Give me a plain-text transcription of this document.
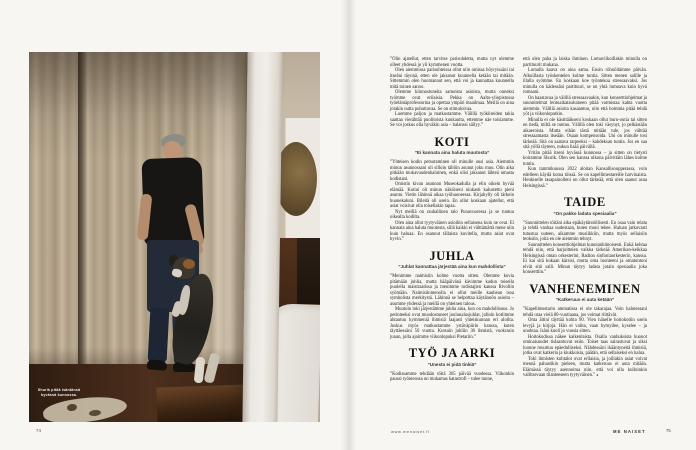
Shurik pitää isäntänsä hyvässä kunnossa.
74

”Olin ajatellut, etten tarvitse parisuhdetta, mutta nyt olemme olleet yhdessä jo yli kymmenen vuotta.

Olen aiemmissa parisuhteissa ollut niin omissa höyryissäni tai itseäni täynnä, etten ole jaksanut kuunnella ketään tai mitään. Sittemmin olen huomannut sen, että voi ja kannattaa kuunnella mitä toinen sanoo.

Olemme kiinnostuneita samoista asioista, mutta onneksi työmme ovat erilaisia. Pekka on Aalto-yliopistossa työelämäprofessorina ja opettaa ympäri maailmaa. Meillä on aina jotakin uutta puhuttavaa. Se on stimuloivaa.

Luemme paljon ja matkustamme. Välillä työkiireiden takia saattaa vierähtää puolitoista kuukautta, ettemme näe toisiamme. Se voi joskus olla hyväkin asia – balanssi säilyy.”

KOTI
”Ei kannata aina haluta muutosta”

”Yhteisen kodin perustaminen oli minulle uusi asia. Aiemmin minun asunnossani oli silloin tällöin asunut joku muu. Olin aika pitkään mukavuudenhaluinen, enkä olisi jaksanut lähteä omasta kodistani.

Omistin kivan asunnon Museokadulla ja elin oikein hyvää elämää. Kotini oli minun näköiseni niukasti kalustettu pieni asunto. Vietin lähinnä aikaa työhuoneessa. Kirjahylly oli tärkein huonekaluni. Bileitä oli usein. En ollut koskaan ajatellut, että asiat voisivat olla toisellakin tapaa.

Nyt meillä on rauhallinen talo Punavuoressa ja se tuntuu oikealta kodilta.

Olen aina ollut tyytyväinen asioihin sellaisena kuin ne ovat. Ei kannata aina haluta muutosta, sillä kaikki ei välttämättä mene niin kuin haluaa. En osannut tällaista kuvitella, mutta asiat ovat hyvin.”

JUHLA
”Juhlat kannattaa järjestää aina kun mahdollista”

”Menimme naimisiin kolme vuotta sitten. Olemme kovia pitämään juhlia, mutta hääpäivänä kävimme kadun toisella puolella maistraatissa ja menimme todistajien kanssa Rivoliin syömään. Naimisiinmenolla ei ollut meille kauhean isoa symbolista merkitystä. Lähinnä se helpottaa käytännön asioita – asumme yhdessä ja meillä on yhteinen talous.

Muutoin toki järjestämme juhlia aina, kun on mahdollisuus. Jo perinteeksi ovat muodostuneet joulunalusjuhlat, jolloin kotiimme ahtautuu kymmeniä ihmisiä laajasti yhteiskunnan eri aloilta. Joskus myös matkustamme ystäväpiirin kanssa, kuten täyttäessäni 50 vuotta. Kutsuin juhliin 30 ihmistä, vuokrasin junan, jolla ajoimme viikonlopuksi Pietariin.”

TYÖ JA ARKI
”Unesta ei pidä tinkiä”

”Kodissamme tehdään töitä 365 päivää vuodessa. Viikonkin paussi työnteossa on mukamas katastrofi – tulee tunne,

että olen paha ja laiska ihminen. Lomaviikoillakin minulla on partituurit mukana.

Lomalla kaava on aina sama. Ensin röhnöitämme päivän. Alkuillasta työskentelen kolme tuntia. Sitten menen salille ja illalla syömme. En koskaan koe työntekoa stressaavaksi. Jos minulla on kädessäni partituuri, se on yhtä lumoava kuin hyvä romaani.

On haastavaa ja välillä stressaavaakin, kun konserttiohjelmat ja suunnitelmat lentoaikatauluineen pitää varmistaa kahta vuotta aiemmin. Välillä asioita kasaantuu, niin että hommia pitää tehdä yöt ja viikonloputkin.

Minulla ei ole käsittääkseni koskaan ollut burn-outia tai sitten en tiedä, miltä se tuntuu. Välillä olen toki väsynyt, jo pelkästään aikaeroista. Mutta eihän tästä mitään tule, jos välttää stressaamasta itseään. Osaan kompensoida. Uni on minulle tosi tärkeää. Sitä on saatava tarpeeksi – kahdeksan tuntia. Jos en saa sitä yöllä täyteen, nukun lisää päivällä.

Yritän pitää itseni hyvässä kunnossa – ja sitten on tietysti koiramme Shurik. Olen sen kanssa ulkona päivittäin lähes kolme tuntia.

Kun tammikuussa 2022 aloitan Kansallisoopperassa, voin edelleen käydä kotoa töissä. Se on kapellimestareille harvinaista. Henkiselle tasapainolleni on ollut tärkeää, että olen saanut asua Helsingissä.”

TAIDE
”On pakko ladata spesiaalia”

”Suunnittelen töitäni aika epäkäytännöllisesti. En osaa vain relata ja tehdä vanhaa uudestaan, kuten moni tekee. Haluan jatkuvasti tutustua uuteen, aikamme musiikkiin, mutta myös sellaisiin teoksiin, joita en ole aiemmin tehnyt.

Suunnittelen konserttiohjelmat kunnianhimoisesti. Enkä kehtaa tehdä niin, että harjoittelen vaikka tärkeää Amerikan-keikkaa Helsingissä oman orkesterini, Radion sinfoniaorkesterin, kanssa. Ei kai sitä kukaan kärsisi, mutta oma luonteeni ja omatuntoni eivät sitä salli. Minun täytyy ladata jotain spesiaalia joka konserttiin.”

VANHENEMINEN
”Katkeruus ei auta ketään”

”Kapellimestarin ammatissa ei ole takarajaa. Voin halutessani tehdä uraa vielä 80-vuotiaana, jos voimat riittävät.

Oma äitini täyttää kohta 90. Vien hänelle hoitokotiin usein levyjä ja kirjoja. Hän ei valita, vaan hymyilee, kyselee – ja unohtaa. Isäni kuoli jo vuosia sitten.

Hoitokodissa näkee kaikenlaista. Osalla vanhuksista huonot ominaisuudet tislaantuvat esiin. Toiset taas sairastuvat ja siksi luonne muuttuu epäedulliseksi. Nähdessäni ikääntyneitä ihmisiä, jotka ovat katkeria ja kiukkuisia, päätän, että sellaiseksi en halua.

Toki ihmisten kohtalot ovat erilaisia, ja joillakin asiat voivat mennä pahastikin pieleen, mutta katkeruus ei auta mitään. Elämässä täytyy asennoitua niin, että voi olla kulloinkin vallitsevaan tilanteeseen tyytyväinen.” ●

www.menaiset.fi	ME NAISET	75
